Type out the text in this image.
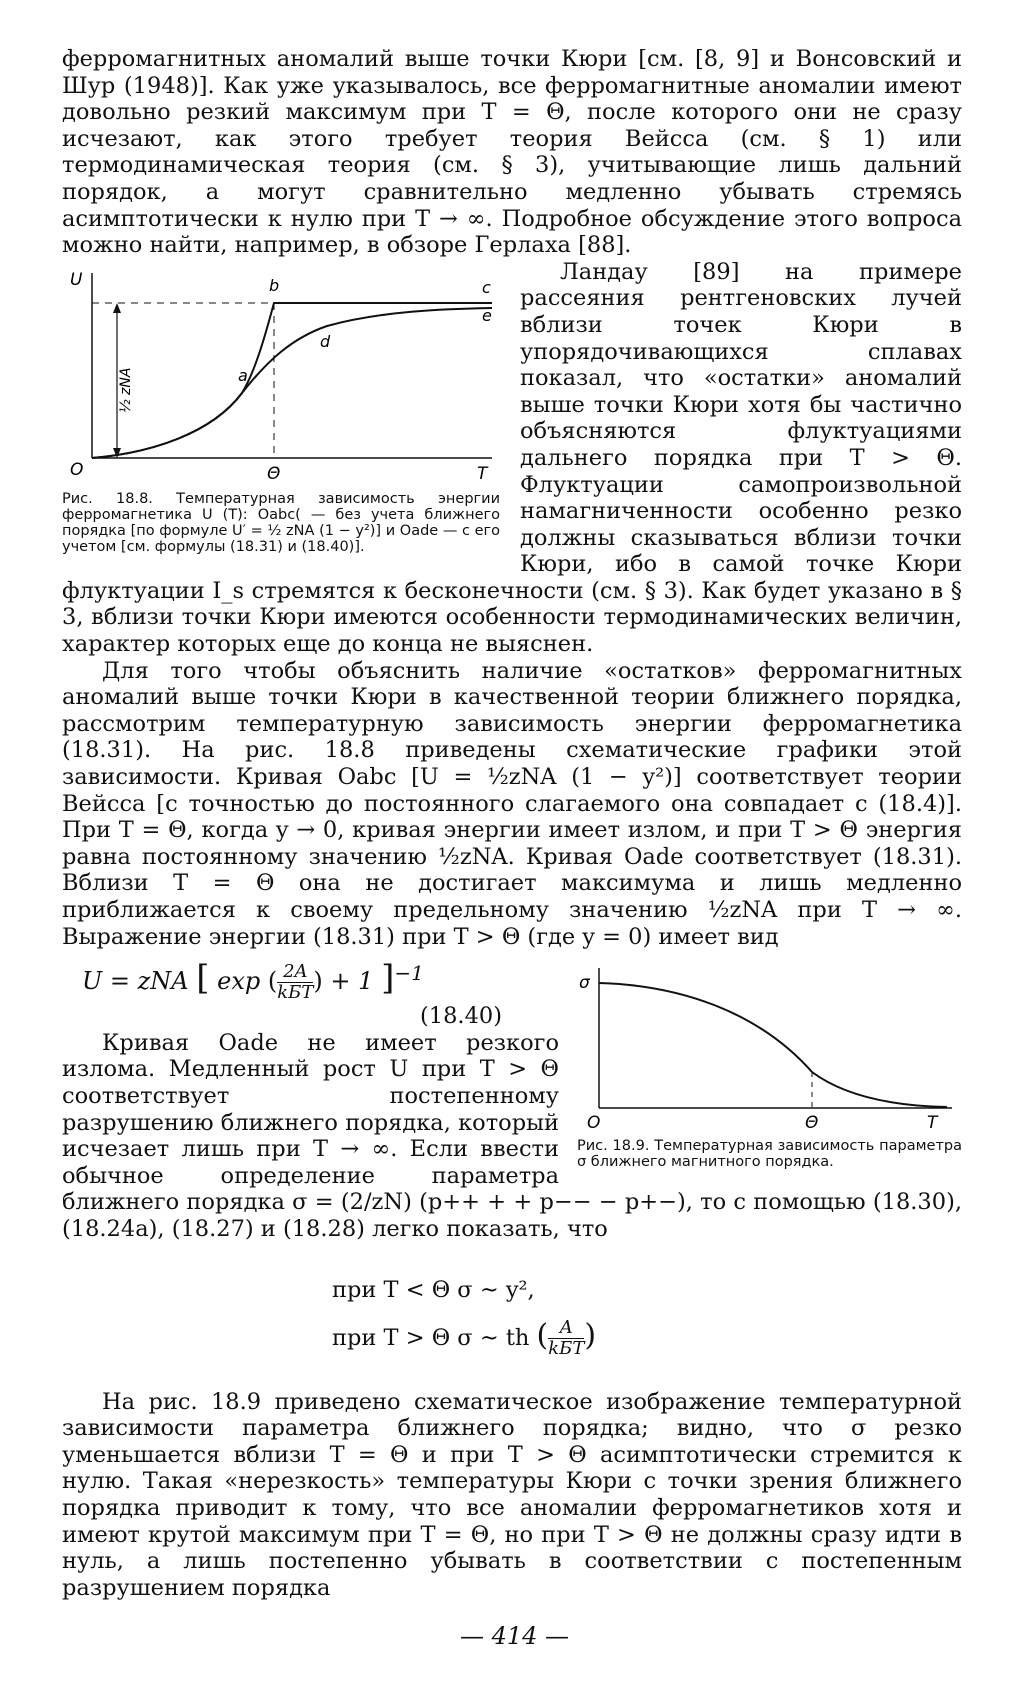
ферромагнитных аномалий выше точки Кюри [см. [8, 9] и Вонсовский и Шур (1948)]. Как уже указывалось, все ферромагнитные аномалии имеют довольно резкий максимум при T = Θ, после которого они не сразу исчезают, как этого требует теория Вейсса (см. § 1) или термодинамическая теория (см. § 3), учитывающие лишь дальний порядок, а могут сравнительно медленно убывать стремясь асимптотически к нулю при T → ∞. Подробное обсуждение этого вопроса можно найти, например, в обзоре Герлаха [88].

U
O	Θ	T
½ zNA	a
b	c
d
e

Рис. 18.8. Температурная зависимость энергии ферромагнетика U (T): Oabc( — без учета ближнего порядка [по формуле U′ = ½ zNA (1 − y²)] и Oade — с его учетом [см. формулы (18.31) и (18.40)].

Ландау [89] на примере рассеяния рентгеновских лучей вблизи точек Кюри в упорядочивающихся сплавах показал, что «остатки» аномалий выше точки Кюри хотя бы частично объясняются флуктуациями дальнего порядка при T > Θ. Флуктуации самопроизвольной намагниченности особенно резко должны сказываться вблизи точки Кюри, ибо в самой точке Кюри флуктуации I_s стремятся к бесконечности (см. § 3). Как будет указано в § 3, вблизи точки Кюри имеются особенности термодинамических величин, характер которых еще до конца не выяснен.

Для того чтобы объяснить наличие «остатков» ферромагнитных аномалий выше точки Кюри в качественной теории ближнего порядка, рассмотрим температурную зависимость энергии ферромагнетика (18.31). На рис. 18.8 приведены схематические графики этой зависимости. Кривая Oabc [U = ½zNA (1 − y²)] соответствует теории Вейсса [с точностью до постоянного слагаемого она совпадает с (18.4)]. При T = Θ, когда y → 0, кривая энергии имеет излом, и при T > Θ энергия равна постоянному значению ½zNA. Кривая Oade соответствует (18.31). Вблизи T = Θ она не достигает максимума и лишь медленно приближается к своему предельному значению ½zNA при T → ∞. Выражение энергии (18.31) при T > Θ (где y = 0) имеет вид

σ
O	Θ	T

Рис. 18.9. Температурная зависимость параметра σ ближнего магнитного порядка.

U = zNA [ exp ( $\frac{2A}{\text{kБT}}$ ) + 1 ]$^{-1}$

(18.40)

Кривая Oade не имеет резкого излома. Медленный рост U при T > Θ соответствует постепенному разрушению ближнего порядка, который исчезает лишь при T → ∞. Если ввести обычное определение параметра ближнего порядка σ = (2/zN) (p++ + + p−− − p+−), то с помощью (18.30), (18.24а), (18.27) и (18.28) легко показать, что

при T < Θ σ ∼ y²,
при T > Θ σ ∼ th ( $\frac{A}{\text{kБT}}$ )

На рис. 18.9 приведено схематическое изображение температурной зависимости параметра ближнего порядка; видно, что σ резко уменьшается вблизи T = Θ и при T > Θ асимптотически стремится к нулю. Такая «нерезкость» температуры Кюри с точки зрения ближнего порядка приводит к тому, что все аномалии ферромагнетиков хотя и имеют крутой максимум при T = Θ, но при T > Θ не должны сразу идти в нуль, а лишь постепенно убывать в соответствии с постепенным разрушением порядка

— 414 —
